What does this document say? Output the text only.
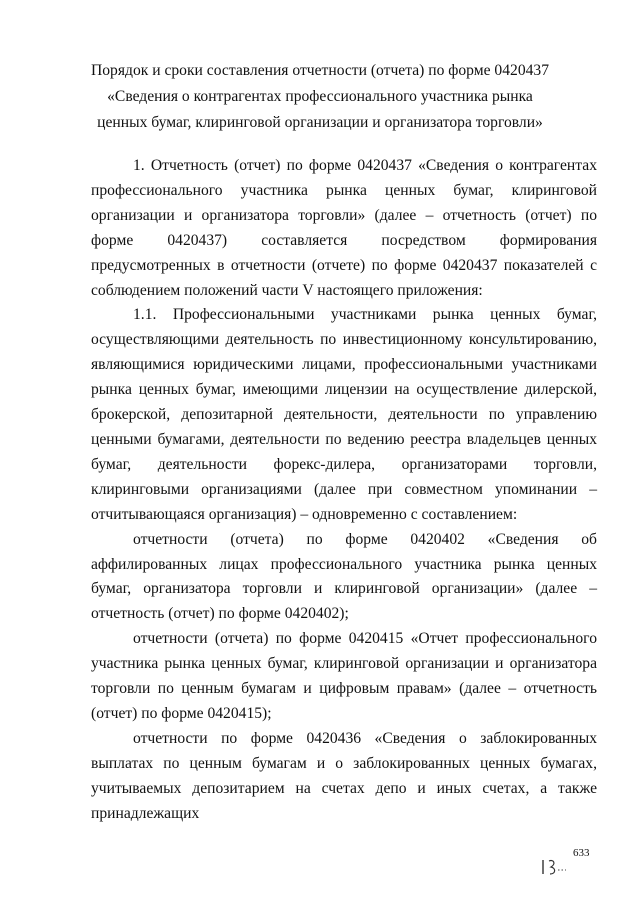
Порядок и сроки составления отчетности (отчета) по форме 0420437
«Сведения о контрагентах профессионального участника рынка
ценных бумаг, клиринговой организации и организатора торговли»

1. Отчетность (отчет) по форме 0420437 «Сведения о контрагентах профессионального участника рынка ценных бумаг, клиринговой организации и организатора торговли» (далее – отчетность (отчет) по форме 0420437) составляется посредством формирования предусмотренных в отчетности (отчете) по форме 0420437 показателей с соблюдением положений части V настоящего приложения:

1.1. Профессиональными участниками рынка ценных бумаг, осуществляющими деятельность по инвестиционному консультированию, являющимися юридическими лицами, профессиональными участниками рынка ценных бумаг, имеющими лицензии на осуществление дилерской, брокерской, депозитарной деятельности, деятельности по управлению ценными бумагами, деятельности по ведению реестра владельцев ценных бумаг, деятельности форекс-дилера, организаторами торговли, клиринговыми организациями (далее при совместном упоминании – отчитывающаяся организация) – одновременно с составлением:

отчетности (отчета) по форме 0420402 «Сведения об аффилированных лицах профессионального участника рынка ценных бумаг, организатора торговли и клиринговой организации» (далее – отчетность (отчет) по форме 0420402);

отчетности (отчета) по форме 0420415 «Отчет профессионального участника рынка ценных бумаг, клиринговой организации и организатора торговли по ценным бумагам и цифровым правам» (далее – отчетность (отчет) по форме 0420415);

отчетности по форме 0420436 «Сведения о заблокированных выплатах по ценным бумагам и о заблокированных ценных бумагах, учитываемых депозитарием на счетах депо и иных счетах, а также принадлежащих

633
